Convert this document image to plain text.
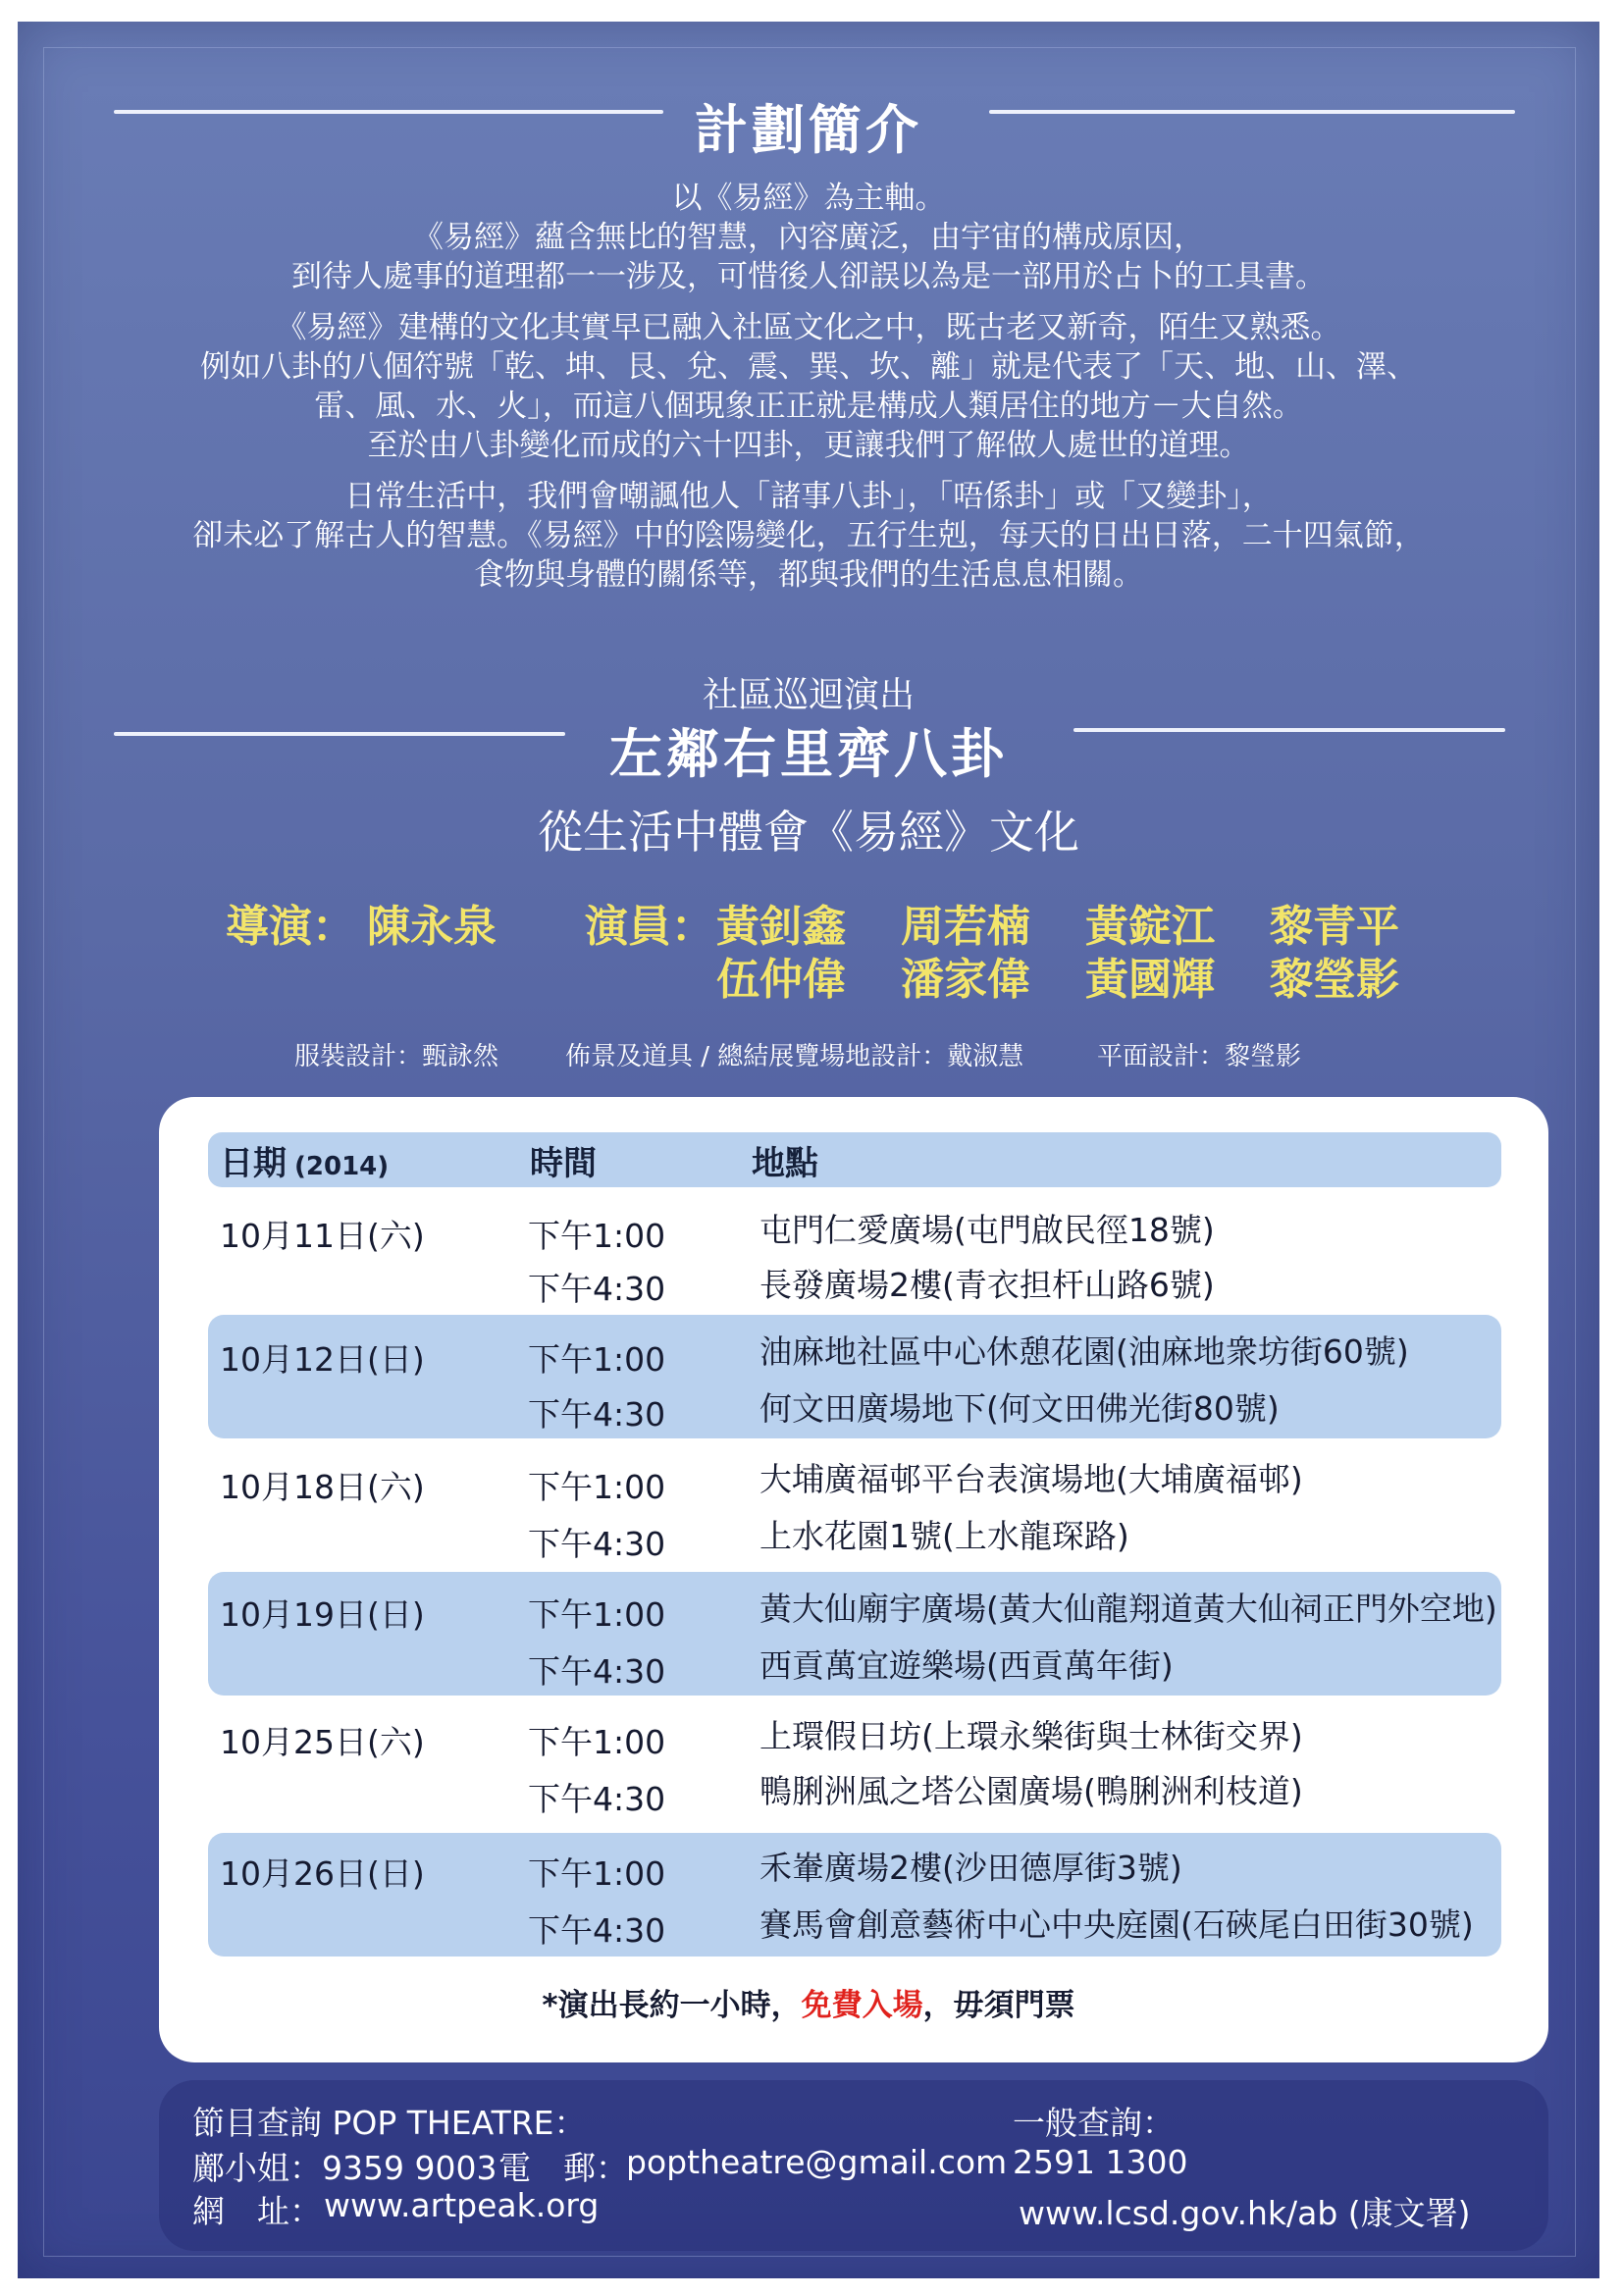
計劃簡介

以《易經》為主軸。
《易經》蘊含無比的智慧，內容廣泛，由宇宙的構成原因，
到待人處事的道理都一一涉及，可惜後人卻誤以為是一部用於占卜的工具書。

《易經》建構的文化其實早已融入社區文化之中，既古老又新奇，陌生又熟悉。
例如八卦的八個符號「乾、坤、艮、兌、震、巽、坎、離」就是代表了「天、地、山、澤、
雷、風、水、火」，而這八個現象正正就是構成人類居住的地方－大自然。
至於由八卦變化而成的六十四卦，更讓我們了解做人處世的道理。

日常生活中，我們會嘲諷他人「諸事八卦」，「唔係卦」或「又變卦」，
卻未必了解古人的智慧。《易經》中的陰陽變化，五行生剋，每天的日出日落，二十四氣節，
食物與身體的關係等，都與我們的生活息息相關。

社區巡迴演出
左鄰右里齊八卦
從生活中體會《易經》文化
導演： 陳永泉 演員： 黃釗鑫 周若楠 黃錠江 黎青平
伍仲偉 潘家偉 黃國輝 黎瑩影
服裝設計：甄詠然	佈景及道具 / 總結展覽場地設計：戴淑慧	平面設計：黎瑩影
日期 (2014)	時間	地點
10月11日(六)	下午1:00	屯門仁愛廣場(屯門啟民徑18號)
下午4:30	長發廣場2樓(青衣担杆山路6號)
10月12日(日)	下午1:00	油麻地社區中心休憩花園(油麻地衆坊街60號)
下午4:30	何文田廣場地下(何文田佛光街80號)
10月18日(六)	下午1:00	大埔廣福邨平台表演場地(大埔廣福邨)
下午4:30	上水花園1號(上水龍琛路)
10月19日(日)	下午1:00	黃大仙廟宇廣場(黃大仙龍翔道黃大仙祠正門外空地)
下午4:30	西貢萬宜遊樂場(西貢萬年街)
10月25日(六)	下午1:00	上環假日坊(上環永樂街與士林街交界)
下午4:30	鴨脷洲風之塔公園廣場(鴨脷洲利枝道)
10月26日(日)	下午1:00	禾輋廣場2樓(沙田德厚街3號)
下午4:30	賽馬會創意藝術中心中央庭園(石硤尾白田街30號)
*演出長約一小時，免費入場，毋須門票
節目查詢 POP THEATRE：
鄺小姐：9359 9003 電　郵：
poptheatre@gmail.com
網　址： www.artpeak.org
一般查詢：
2591 1300
www.lcsd.gov.hk/ab (康文署)
